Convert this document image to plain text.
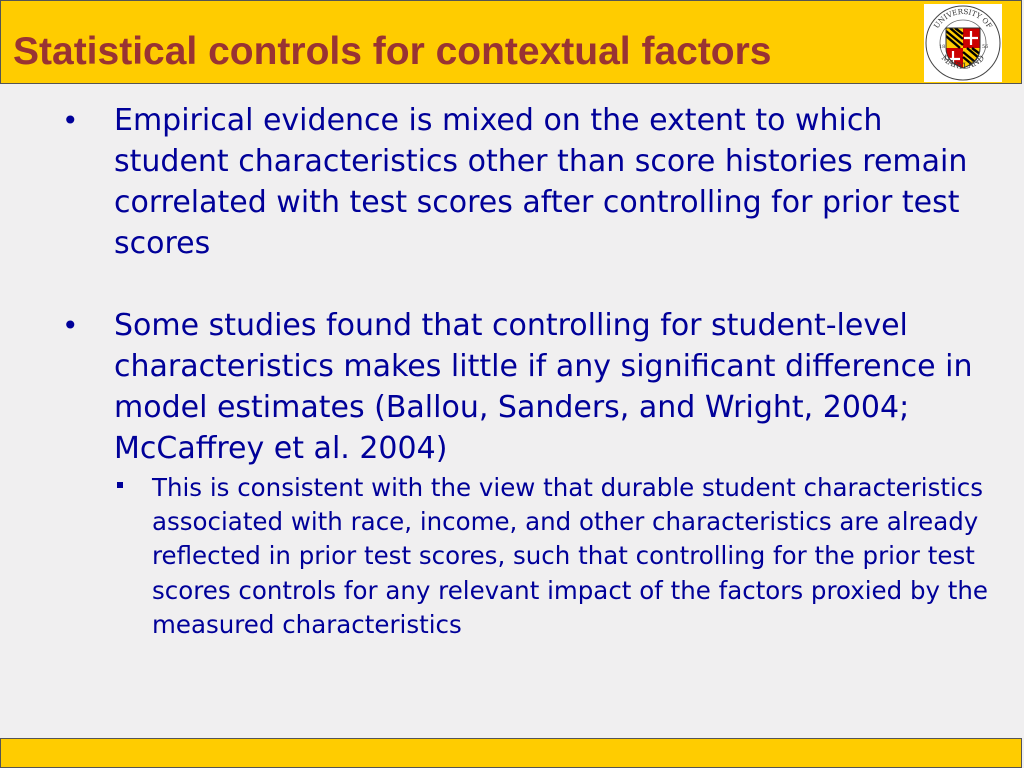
Statistical controls for contextual factors
UNIVERSITY OF
MARYLAND
18	56
• Empirical evidence is mixed on the extent to which student characteristics other than score histories remain correlated with test scores after controlling for prior test scores

• Some studies found that controlling for student-level characteristics makes little if any significant difference in model estimates (Ballou, Sanders, and Wright, 2004; McCaffrey et al. 2004)

This is consistent with the view that durable student characteristics associated with race, income, and other characteristics are already reflected in prior test scores, such that controlling for the prior test scores controls for any relevant impact of the factors proxied by the measured characteristics
